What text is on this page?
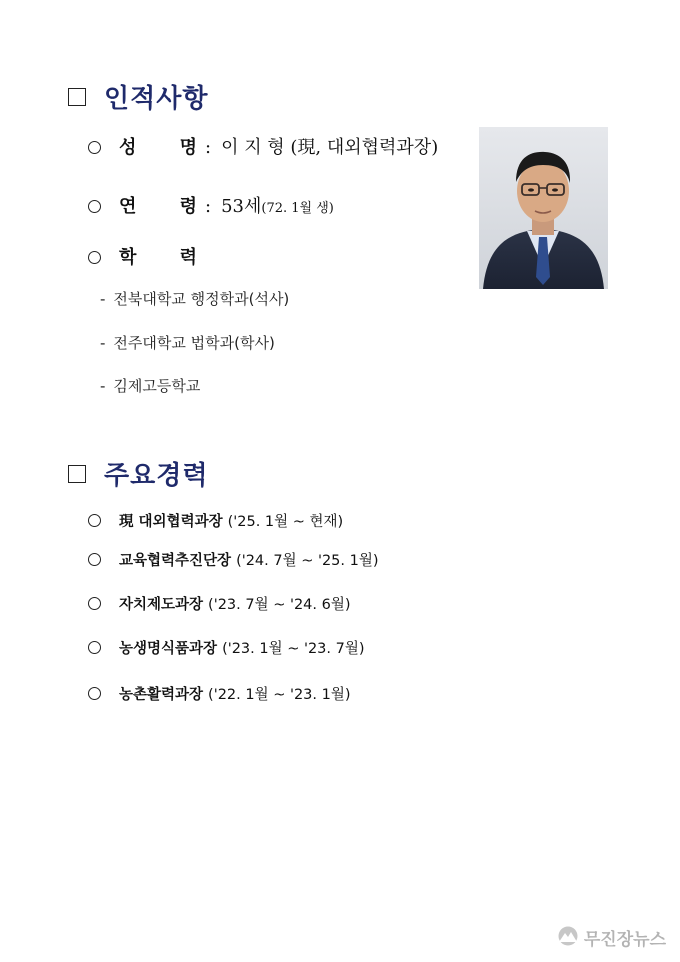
인적사항
성 명 : 이 지 형 (現, 대외협력과장)
연 령 : 53세 (72. 1월 생)
학 력
- 전북대학교 행정학과(석사)
- 전주대학교 법학과(학사)
- 김제고등학교
주요경력
現 대외협력과장 ('25. 1월 ~ 현재)
교육협력추진단장 ('24. 7월 ~ '25. 1월)
자치제도과장 ('23. 7월 ~ '24. 6월)
농생명식품과장 ('23. 1월 ~ '23. 7월)
농촌활력과장 ('22. 1월 ~ '23. 1월)
무진장뉴스
